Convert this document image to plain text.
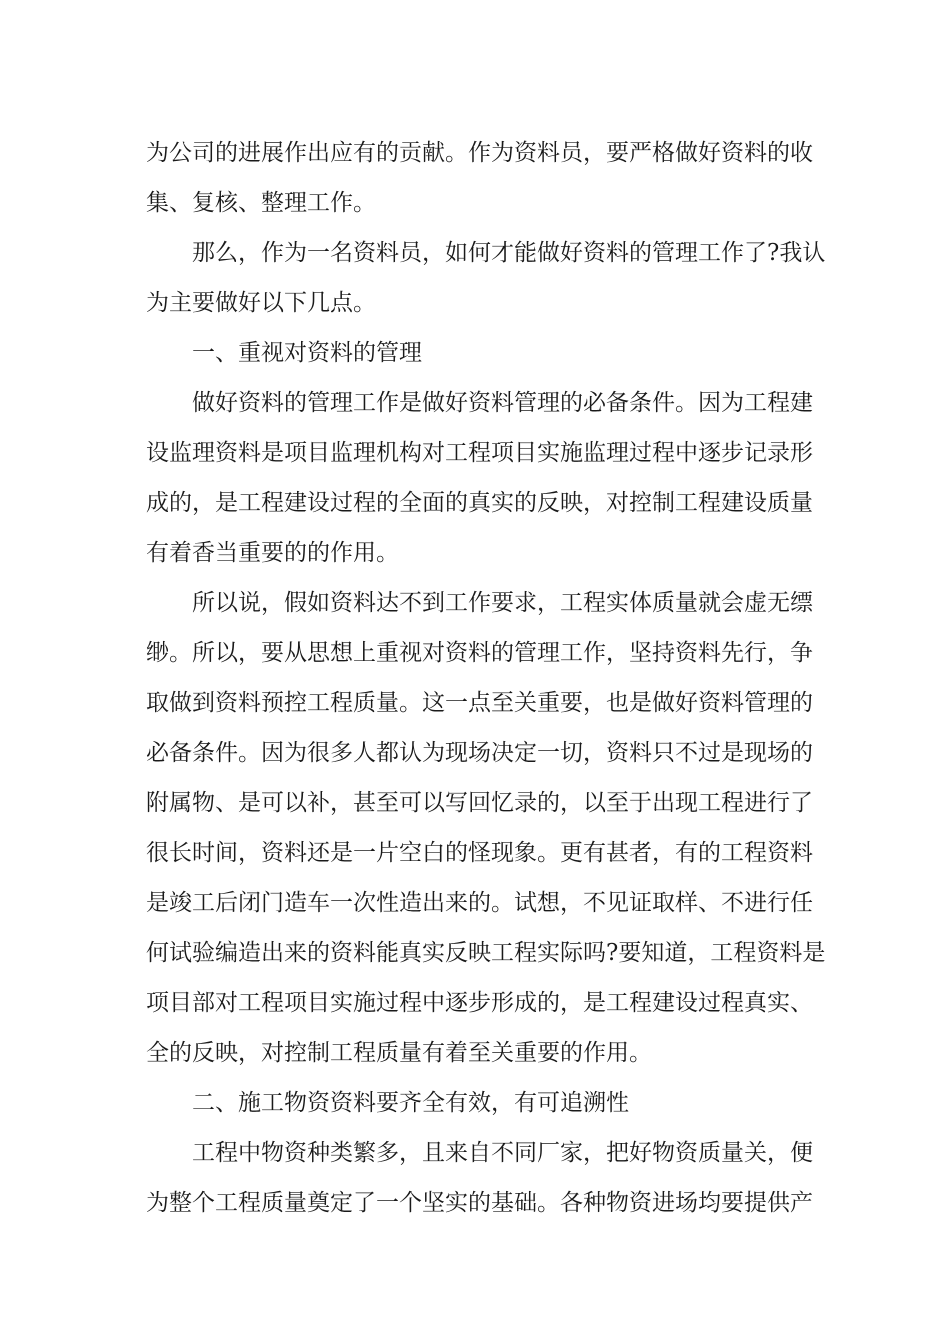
为公司的进展作出应有的贡献。作为资料员，要严格做好资料的收
集、复核、整理工作。
那么，作为一名资料员，如何才能做好资料的管理工作了?我认
为主要做好以下几点。
一、重视对资料的管理
做好资料的管理工作是做好资料管理的必备条件。因为工程建
设监理资料是项目监理机构对工程项目实施监理过程中逐步记录形
成的，是工程建设过程的全面的真实的反映，对控制工程建设质量
有着香当重要的的作用。
所以说，假如资料达不到工作要求，工程实体质量就会虚无缥
缈。所以，要从思想上重视对资料的管理工作，坚持资料先行，争
取做到资料预控工程质量。这一点至关重要，也是做好资料管理的
必备条件。因为很多人都认为现场决定一切，资料只不过是现场的
附属物、是可以补，甚至可以写回忆录的，以至于出现工程进行了
很长时间，资料还是一片空白的怪现象。更有甚者，有的工程资料
是竣工后闭门造车一次性造出来的。试想，不见证取样、不进行任
何试验编造出来的资料能真实反映工程实际吗?要知道，工程资料是
项目部对工程项目实施过程中逐步形成的，是工程建设过程真实、
全的反映，对控制工程质量有着至关重要的作用。
二、施工物资资料要齐全有效，有可追溯性
工程中物资种类繁多，且来自不同厂家，把好物资质量关，便
为整个工程质量奠定了一个坚实的基础。各种物资进场均要提供产
